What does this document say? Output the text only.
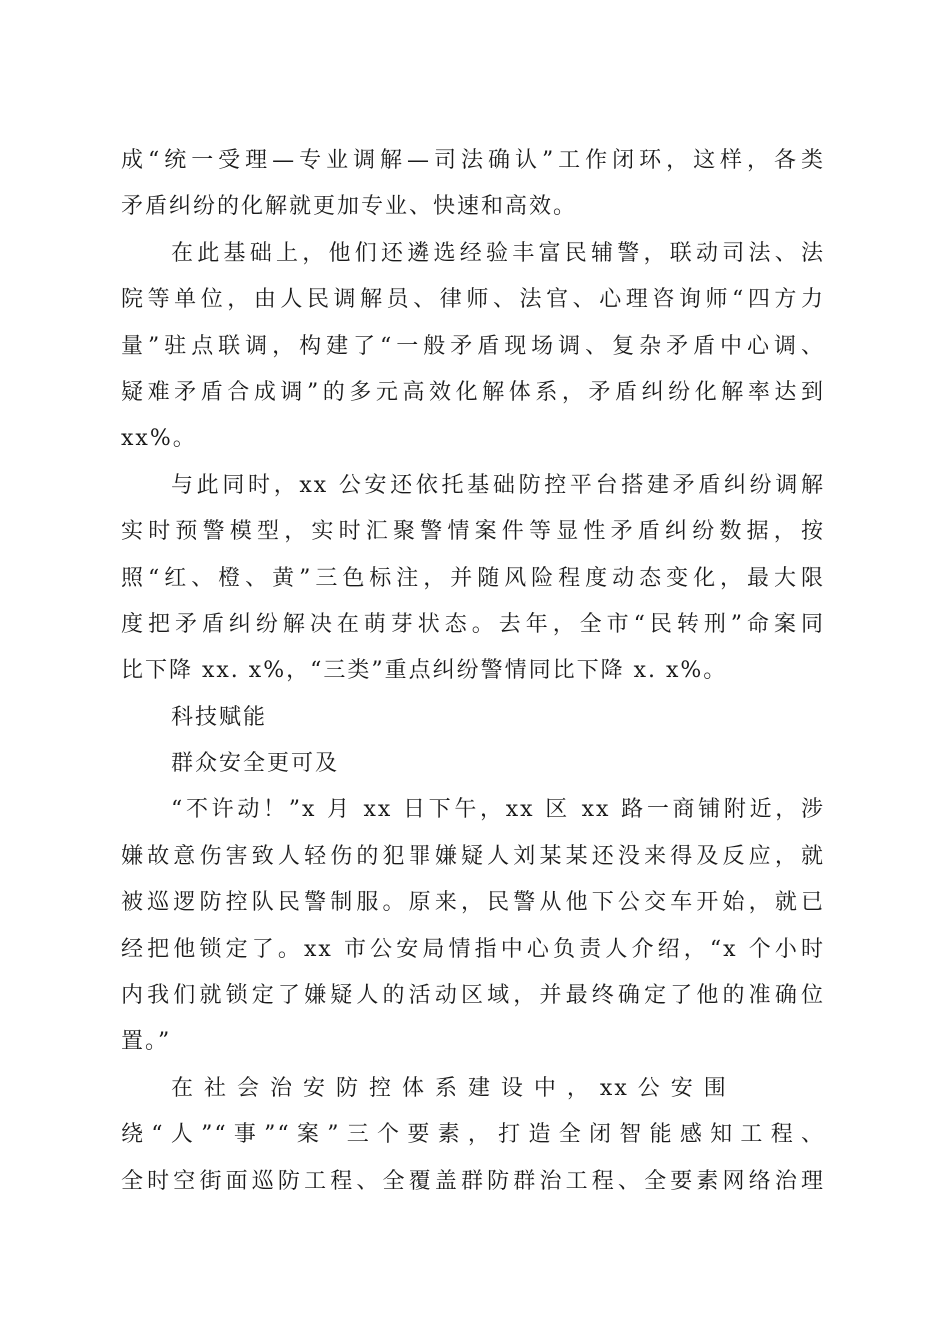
成“统一受理—专业调解—司法确认”工作闭环，这样，各类
矛盾纠纷的化解就更加专业、快速和高效。
在此基础上，他们还遴选经验丰富民辅警，联动司法、法
院等单位，由人民调解员、律师、法官、心理咨询师“四方力
量”驻点联调，构建了“一般矛盾现场调、复杂矛盾中心调、
疑难矛盾合成调”的多元高效化解体系，矛盾纠纷化解率达到
xx%。
与此同时，xx 公安还依托基础防控平台搭建矛盾纠纷调解
实时预警模型，实时汇聚警情案件等显性矛盾纠纷数据，按
照“红、橙、黄”三色标注，并随风险程度动态变化，最大限
度把矛盾纠纷解决在萌芽状态。去年，全市“民转刑”命案同
比下降 xx. x%，“三类”重点纠纷警情同比下降 x. x%。
科技赋能
群众安全更可及
“不许动！”x 月 xx 日下午，xx 区 xx 路一商铺附近，涉
嫌故意伤害致人轻伤的犯罪嫌疑人刘某某还没来得及反应，就
被巡逻防控队民警制服。原来，民警从他下公交车开始，就已
经把他锁定了。xx 市公安局情指中心负责人介绍，“x 个小时
内我们就锁定了嫌疑人的活动区域，并最终确定了他的准确位
置。”
在 社 会 治 安 防 控 体 系 建 设 中 ， xx 公 安 围
绕“人”“事”“案”三个要素，打造全闭智能感知工程、
全时空街面巡防工程、全覆盖群防群治工程、全要素网络治理
